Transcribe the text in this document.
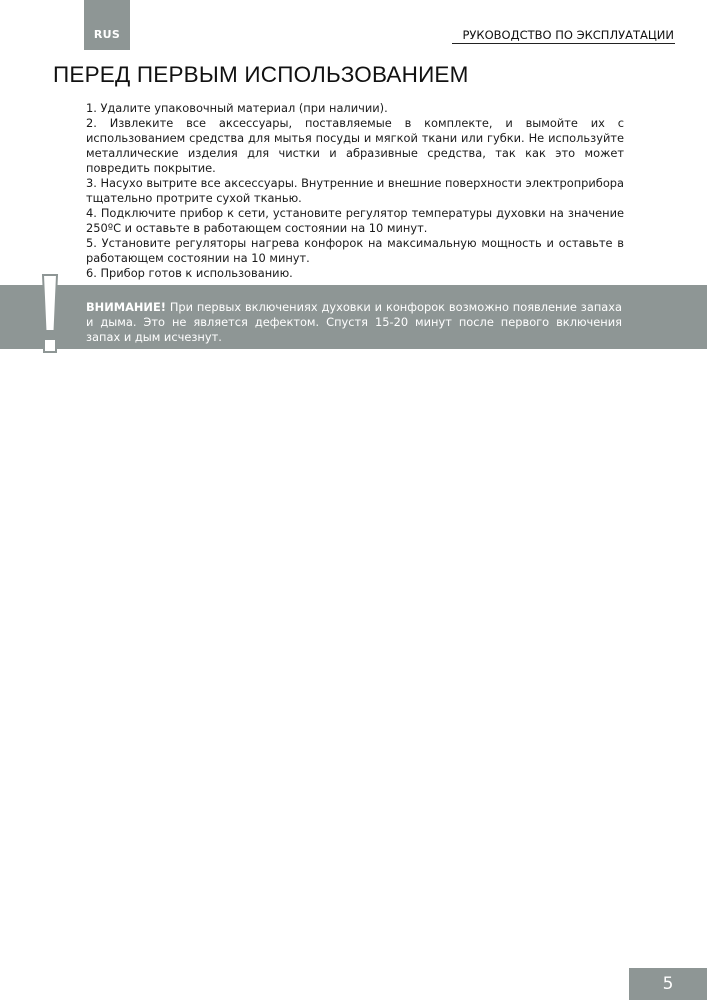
RUS	РУКОВОДСТВО ПО ЭКСПЛУАТАЦИИ
ПЕРЕД ПЕРВЫМ ИСПОЛЬЗОВАНИЕМ
1. Удалите упаковочный материал (при наличии).
2. Извлеките все аксессуары, поставляемые в комплекте, и вымойте их с использованием средства для мытья посуды и мягкой ткани или губки. Не используйте металлические изделия для чистки и абразивные средства, так как это может повредить покрытие.
3. Насухо вытрите все аксессуары. Внутренние и внешние поверхности электроприбора тщательно протрите сухой тканью.
4. Подключите прибор к сети, установите регулятор температуры духовки на значение 250ºС и оставьте в работающем состоянии на 10 минут.
5. Установите регуляторы нагрева конфорок на максимальную мощность и оставьте в работающем состоянии на 10 минут.
6. Прибор готов к использованию.

ВНИМАНИЕ! При первых включениях духовки и конфорок возможно появление запаха и дыма. Это не является дефектом. Спустя 15-20 минут после первого включения запах и дым исчезнут.

5
